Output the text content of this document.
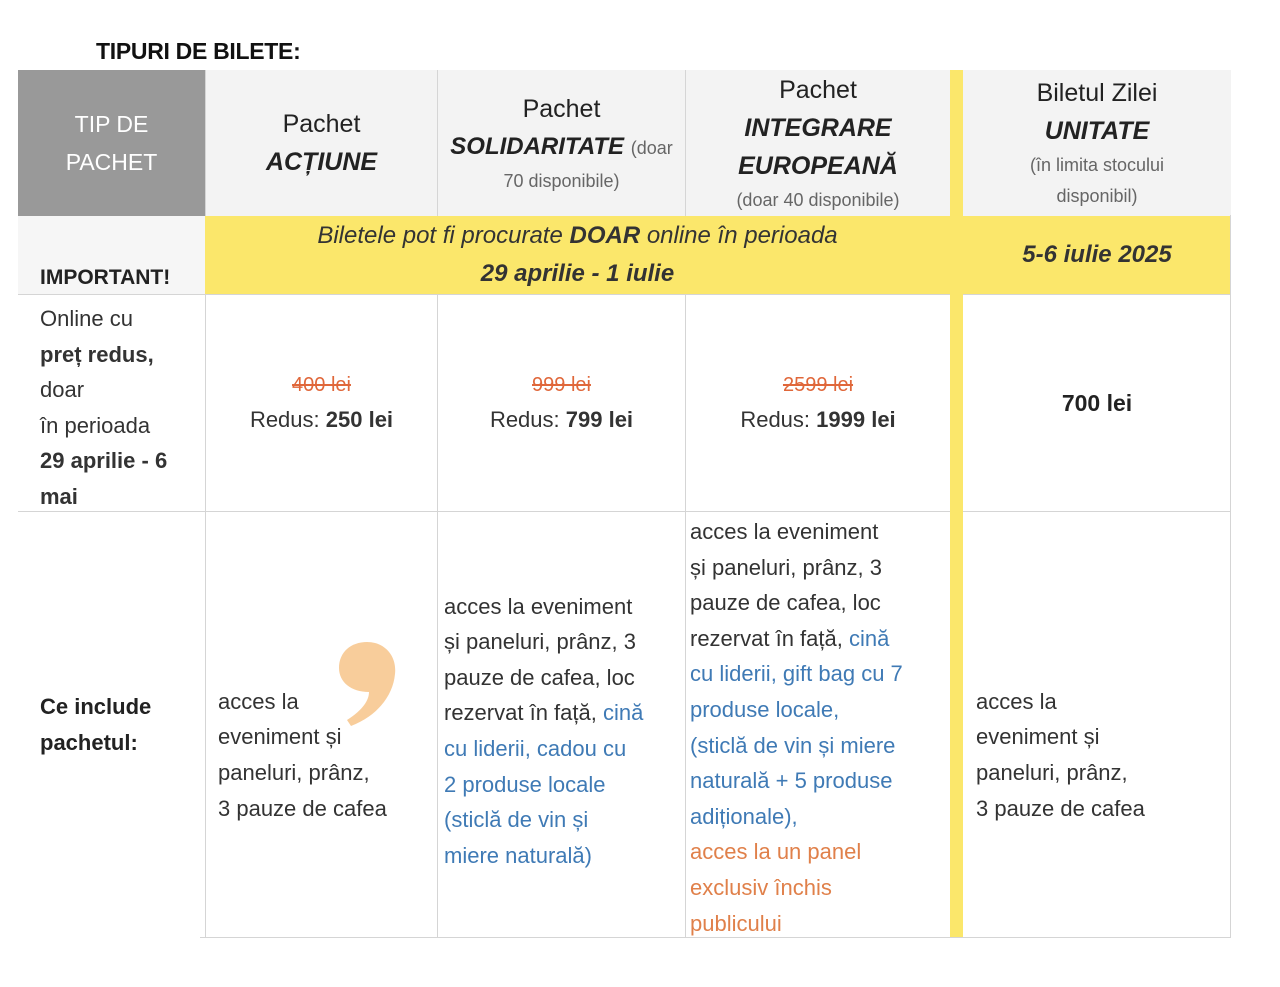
TIPURI DE BILETE:
TIP DE
PACHET
Pachet
ACȚIUNE
Pachet
SOLIDARITATE (doar
70 disponibile)
Pachet
INTEGRARE
EUROPEANĂ
(doar 40 disponibile)
Biletul Zilei
UNITATE
(în limita stocului
disponibil)
IMPORTANT!
Biletele pot fi procurate DOAR online în perioada
29 aprilie - 1 iulie
5-6 iulie 2025
Online cu
preț redus,
doar
în perioada
29 aprilie - 6
mai
400 lei
Redus: 250 lei
999 lei
Redus: 799 lei
2599 lei
Redus: 1999 lei
700 lei
Ce include
pachetul:
acces la
eveniment și
paneluri, prânz,
3 pauze de cafea
acces la eveniment
și paneluri, prânz, 3
pauze de cafea, loc
rezervat în față, cină
cu liderii, cadou cu
2 produse locale
(sticlă de vin și
miere naturală)
acces la eveniment
și paneluri, prânz, 3
pauze de cafea, loc
rezervat în față, cină
cu liderii, gift bag cu 7
produse locale,
(sticlă de vin și miere
naturală + 5 produse
adiționale),
acces la un panel
exclusiv închis
publicului
acces la
eveniment și
paneluri, prânz,
3 pauze de cafea
